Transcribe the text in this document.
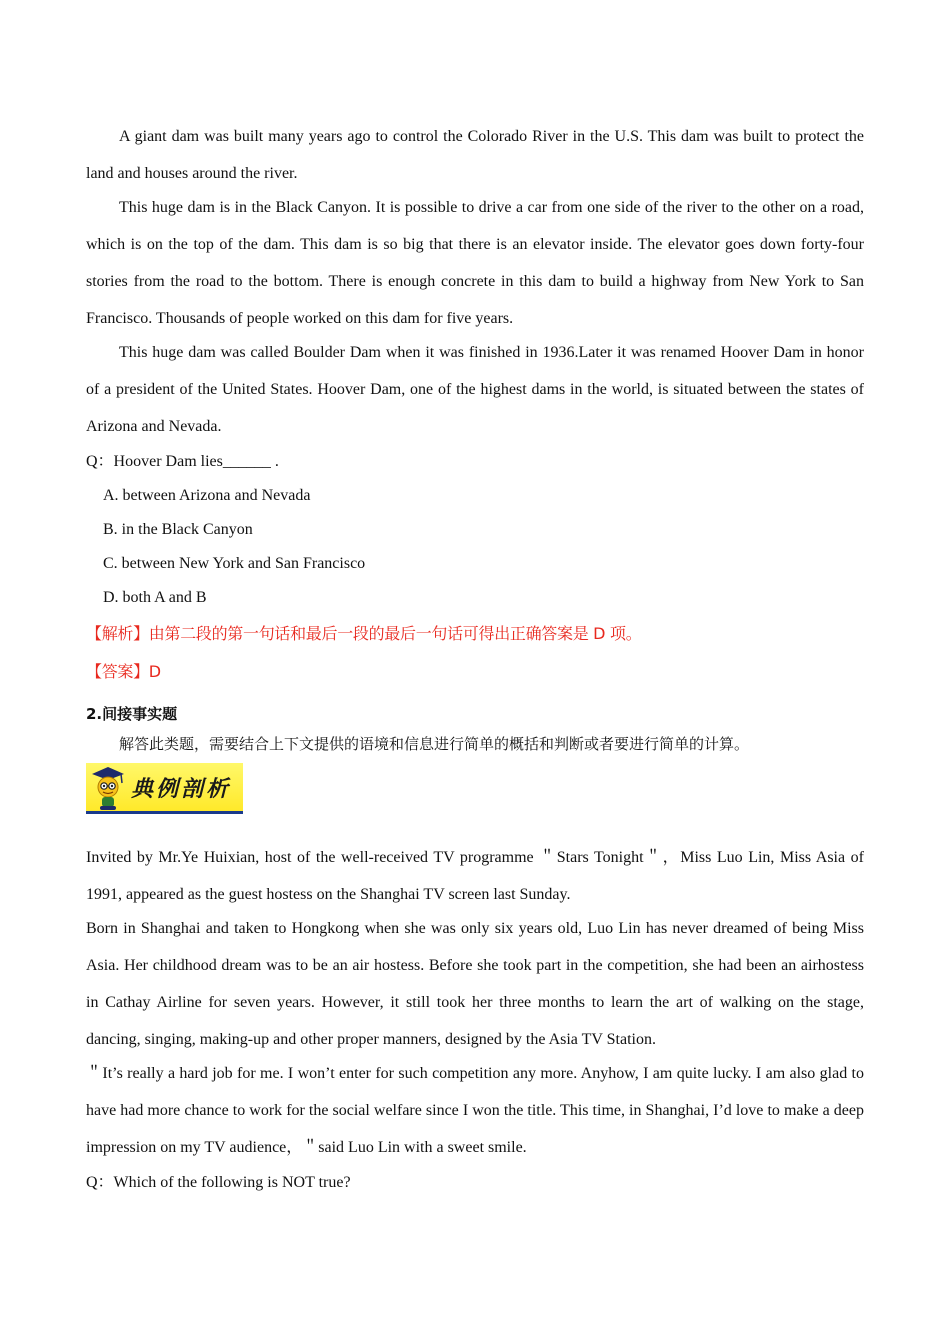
A giant dam was built many years ago to control the Colorado River in the U.S. This dam was built to protect the land and houses around the river.

This huge dam is in the Black Canyon. It is possible to drive a car from one side of the river to the other on a road, which is on the top of the dam. This dam is so big that there is an elevator inside. The elevator goes down forty-four stories from the road to the bottom. There is enough concrete in this dam to build a highway from New York to San Francisco. Thousands of people worked on this dam for five years.

This huge dam was called Boulder Dam when it was finished in 1936.Later it was renamed Hoover Dam in honor of a president of the United States. Hoover Dam, one of the highest dams in the world, is situated between the states of Arizona and Nevada.

Q：Hoover Dam lies______ .

A. between Arizona and Nevada

B. in the Black Canyon

C. between New York and San Francisco

D. both A and B

【解析】由第二段的第一句话和最后一段的最后一句话可得出正确答案是 D 项。

【答案】D

2.间接事实题

解答此类题，需要结合上下文提供的语境和信息进行简单的概括和判断或者要进行简单的计算。

典例剖析

Invited by Mr.Ye Huixian, host of the well-received TV programme ＂Stars Tonight＂，Miss Luo Lin, Miss Asia of 1991, appeared as the guest hostess on the Shanghai TV screen last Sunday.

Born in Shanghai and taken to Hongkong when she was only six years old, Luo Lin has never dreamed of being Miss Asia. Her childhood dream was to be an air hostess. Before she took part in the competition, she had been an airhostess in Cathay Airline for seven years. However, it still took her three months to learn the art of walking on the stage, dancing, singing, making-up and other proper manners, designed by the Asia TV Station.

＂It’s really a hard job for me. I won’t enter for such competition any more. Anyhow, I am quite lucky. I am also glad to have had more chance to work for the social welfare since I won the title. This time, in Shanghai, I’d love to make a deep impression on my TV audience，＂said Luo Lin with a sweet smile.

Q：Which of the following is NOT true?
